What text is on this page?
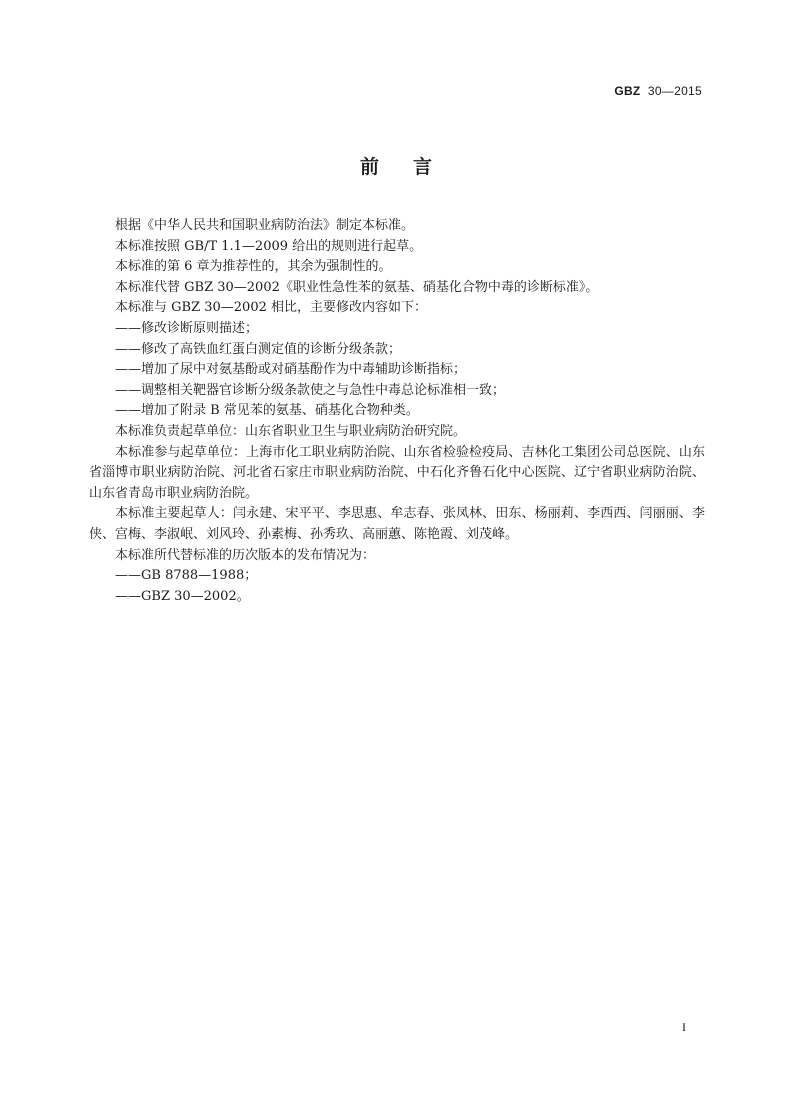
GBZ 30—2015
前言

根据《中华人民共和国职业病防治法》制定本标准。

本标准按照 GB/T 1.1—2009 给出的规则进行起草。

本标准的第 6 章为推荐性的，其余为强制性的。

本标准代替 GBZ 30—2002《职业性急性苯的氨基、硝基化合物中毒的诊断标准》。

本标准与 GBZ 30—2002 相比，主要修改内容如下：

——修改诊断原则描述；

——修改了高铁血红蛋白测定值的诊断分级条款；

——增加了尿中对氨基酚或对硝基酚作为中毒辅助诊断指标；

——调整相关靶器官诊断分级条款使之与急性中毒总论标准相一致；

——增加了附录 B 常见苯的氨基、硝基化合物种类。

本标准负责起草单位：山东省职业卫生与职业病防治研究院。

本标准参与起草单位：上海市化工职业病防治院、山东省检验检疫局、吉林化工集团公司总医院、山东省淄博市职业病防治院、河北省石家庄市职业病防治院、中石化齐鲁石化中心医院、辽宁省职业病防治院、山东省青岛市职业病防治院。

本标准主要起草人：闫永建、宋平平、李思惠、牟志春、张凤林、田东、杨丽莉、李西西、闫丽丽、李侠、宫梅、李淑岷、刘风玲、孙素梅、孙秀玖、高丽蕙、陈艳霞、刘茂峰。

本标准所代替标准的历次版本的发布情况为：

——GB 8788—1988；

——GBZ 30—2002。

I
